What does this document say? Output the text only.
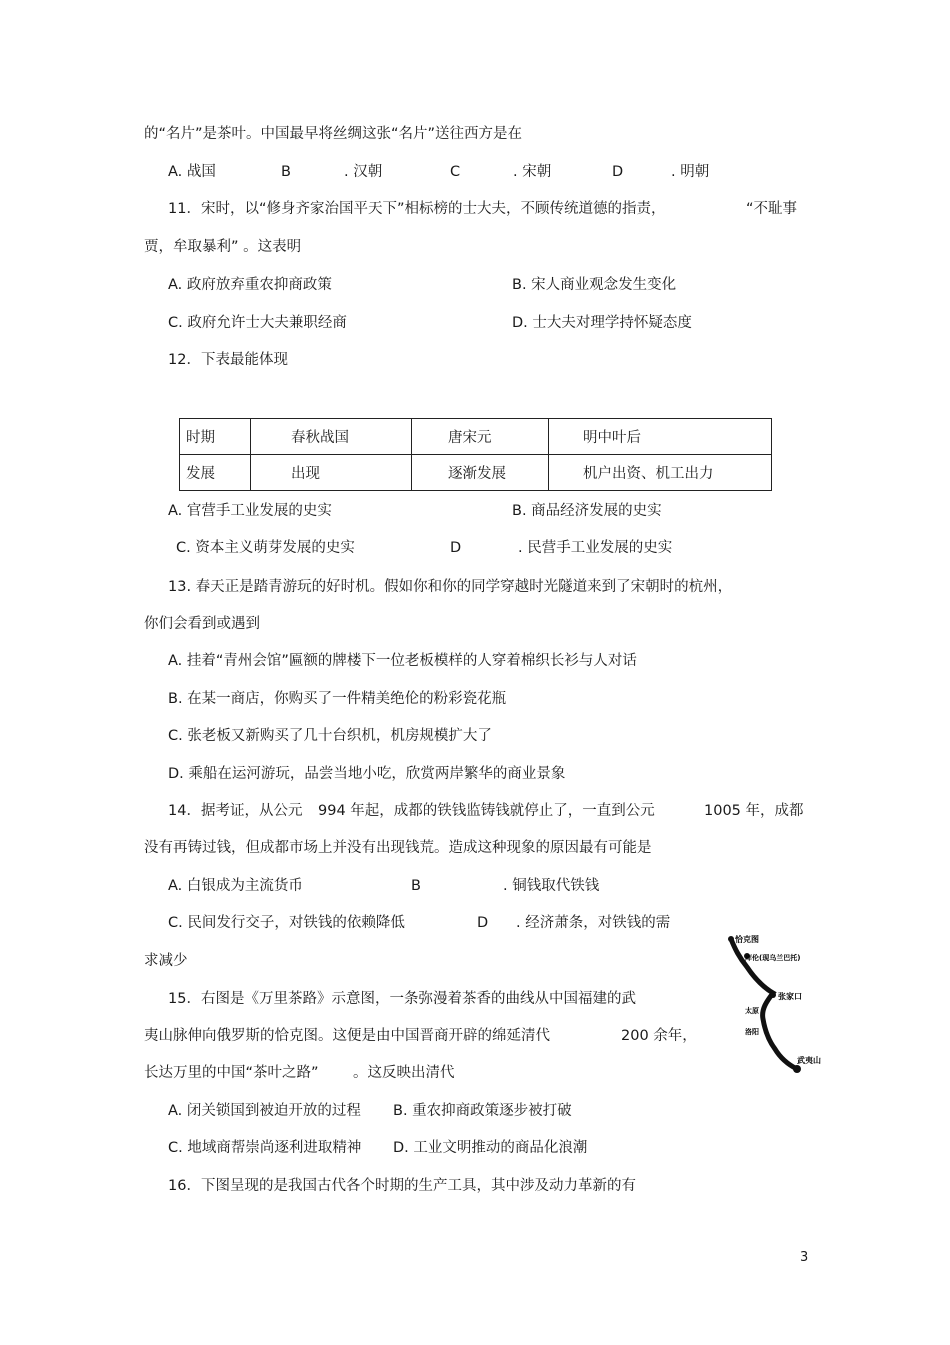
的“名片”是茶叶。中国最早将丝绸这张“名片”送往西方是在
A. 战国	B	. 汉朝	C	. 宋朝	D	. 明朝
11．宋时，以“修身齐家治国平天下”相标榜的士大夫，不顾传统道德的指责，	“不耻事
贾，牟取暴利” 。这表明
A. 政府放弃重农抑商政策	B. 宋人商业观念发生变化
C. 政府允许士大夫兼职经商	D. 士大夫对理学持怀疑态度
12．下表最能体现
时期	春秋战国	唐宋元	明中叶后
发展	出现	逐渐发展	机户出资、机工出力
A. 官营手工业发展的史实	B. 商品经济发展的史实
C. 资本主义萌芽发展的史实	D	. 民营手工业发展的史实
13. 春天正是踏青游玩的好时机。假如你和你的同学穿越时光隧道来到了宋朝时的杭州，
你们会看到或遇到
A. 挂着“青州会馆”匾额的牌楼下一位老板模样的人穿着棉织长衫与人对话
B. 在某一商店，你购买了一件精美绝伦的粉彩瓷花瓶
C. 张老板又新购买了几十台织机，机房规模扩大了
D. 乘船在运河游玩，品尝当地小吃，欣赏两岸繁华的商业景象
14．据考证，从公元 994 年起，成都的铁钱监铸钱就停止了，一直到公元	1005 年，成都
没有再铸过钱，但成都市场上并没有出现钱荒。造成这种现象的原因最有可能是
A. 白银成为主流货币	B	. 铜钱取代铁钱
C. 民间发行交子，对铁钱的依赖降低	D . 经济萧条，对铁钱的需
求减少
15．右图是《万里茶路》示意图，一条弥漫着茶香的曲线从中国福建的武
夷山脉伸向俄罗斯的恰克图。这便是由中国晋商开辟的绵延清代	200 余年，
长达万里的中国“茶叶之路” 。这反映出清代
A. 闭关锁国到被迫开放的过程 B. 重农抑商政策逐步被打破
C. 地域商帮崇尚逐利进取精神 D. 工业文明推动的商品化浪潮
16．下图呈现的是我国古代各个时期的生产工具，其中涉及动力革新的有
恰克图
库伦(现乌兰巴托)
张家口
太原
洛阳
武夷山
3
